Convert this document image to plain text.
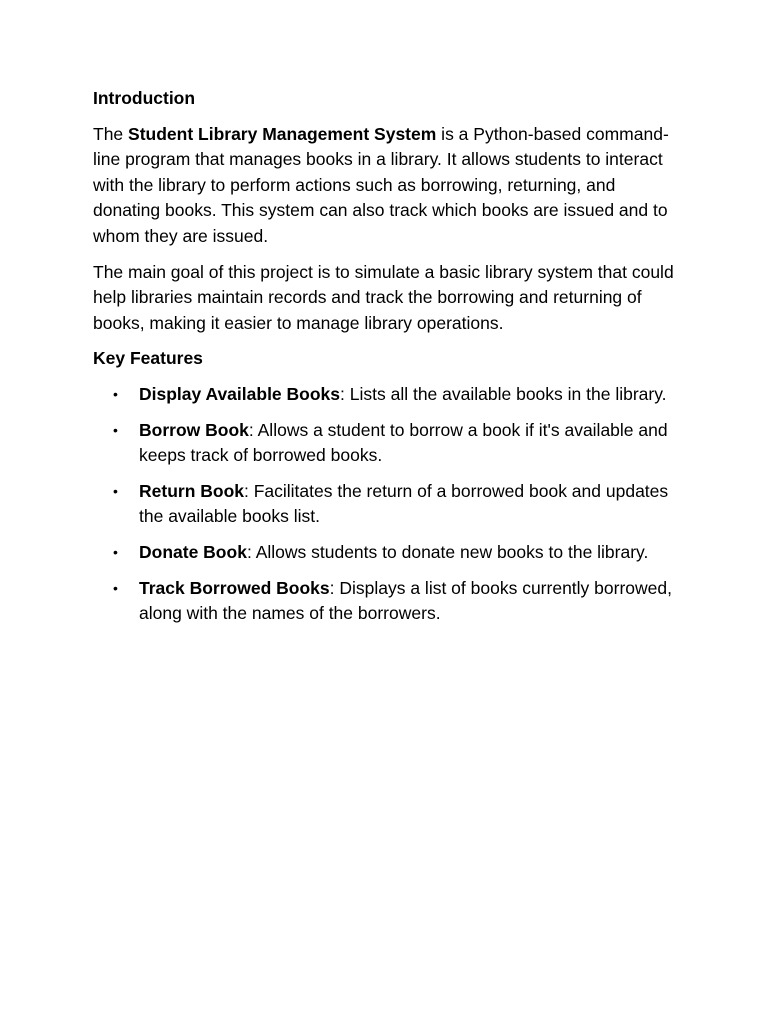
Introduction

The Student Library Management System is a Python-based command-line program that manages books in a library. It allows students to interact with the library to perform actions such as borrowing, returning, and donating books. This system can also track which books are issued and to whom they are issued.

The main goal of this project is to simulate a basic library system that could help libraries maintain records and track the borrowing and returning of books, making it easier to manage library operations.

Key Features

• Display Available Books: Lists all the available books in the library.
• Borrow Book: Allows a student to borrow a book if it's available and keeps track of borrowed books.
• Return Book: Facilitates the return of a borrowed book and updates the available books list.
• Donate Book: Allows students to donate new books to the library.
• Track Borrowed Books: Displays a list of books currently borrowed, along with the names of the borrowers.
